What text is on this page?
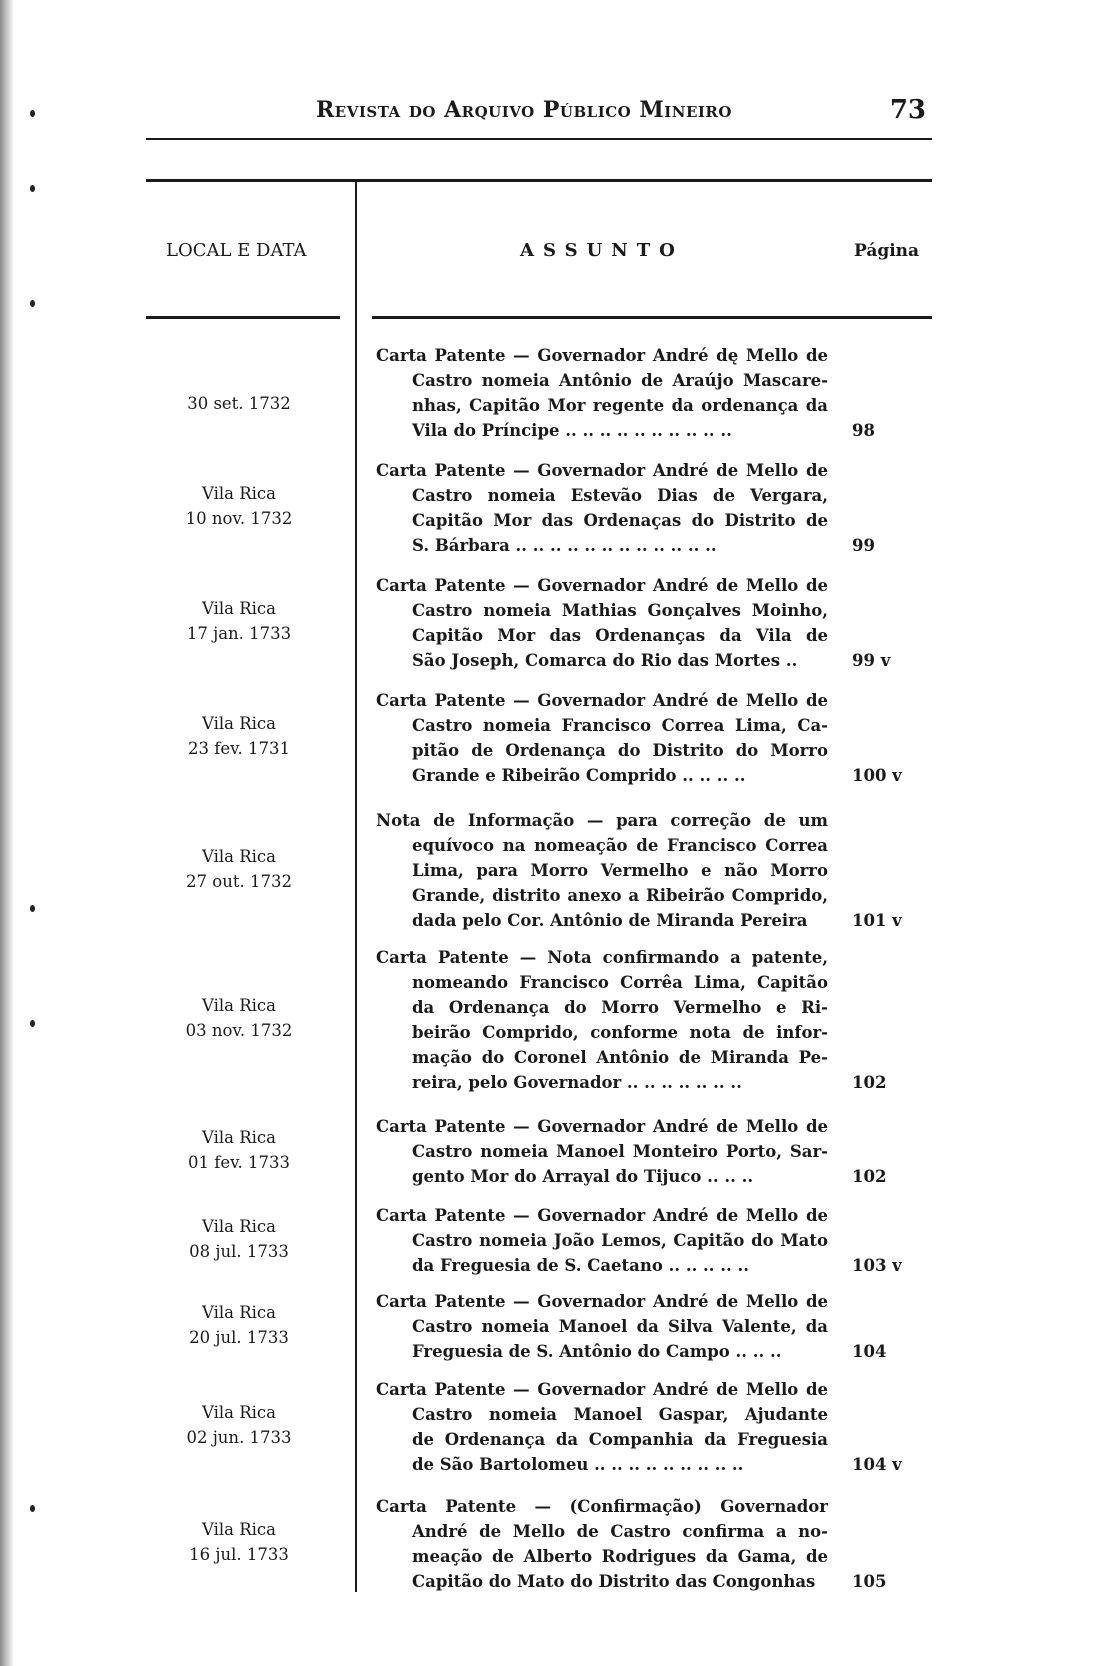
Revista do Arquivo Público Mineiro	73
LOCAL E DATA	ASSUNTO	Página

30 set. 1732
Carta Patente — Governador André dę Mello de
Castro nomeia Antônio de Araújo Mascare-
nhas, Capitão Mor regente da ordenança da
Vila do Príncipe .. .. .. .. .. .. .. .. .. ..	98
Vila Rica
10 nov. 1732
Carta Patente — Governador André de Mello de
Castro nomeia Estevão Dias de Vergara,
Capitão Mor das Ordenaças do Distrito de
S. Bárbara .. .. .. .. .. .. .. .. .. .. .. ..	99
Vila Rica
17 jan. 1733
Carta Patente — Governador André de Mello de
Castro nomeia Mathias Gonçalves Moinho,
Capitão Mor das Ordenanças da Vila de
São Joseph, Comarca do Rio das Mortes ..	99 v
Vila Rica
23 fev. 1731
Carta Patente — Governador André de Mello de
Castro nomeia Francisco Correa Lima, Ca-
pitão de Ordenança do Distrito do Morro
Grande e Ribeirão Comprido .. .. .. ..	100 v
Vila Rica
27 out. 1732
Nota de Informação — para correção de um
equívoco na nomeação de Francisco Correa
Lima, para Morro Vermelho e não Morro
Grande, distrito anexo a Ribeirão Comprido,
dada pelo Cor. Antônio de Miranda Pereira	101 v
Vila Rica
03 nov. 1732
Carta Patente — Nota confirmando a patente,
nomeando Francisco Corrêa Lima, Capitão
da Ordenança do Morro Vermelho e Ri-
beirão Comprido, conforme nota de infor-
mação do Coronel Antônio de Miranda Pe-
reira, pelo Governador .. .. .. .. .. .. ..	102
Vila Rica
01 fev. 1733
Carta Patente — Governador André de Mello de
Castro nomeia Manoel Monteiro Porto, Sar-
gento Mor do Arrayal do Tijuco .. .. ..	102
Vila Rica
08 jul. 1733
Carta Patente — Governador André de Mello de
Castro nomeia João Lemos, Capitão do Mato
da Freguesia de S. Caetano .. .. .. .. ..	103 v
Vila Rica
20 jul. 1733
Carta Patente — Governador André de Mello de
Castro nomeia Manoel da Silva Valente, da
Freguesia de S. Antônio do Campo .. .. ..	104
Vila Rica
02 jun. 1733
Carta Patente — Governador André de Mello de
Castro nomeia Manoel Gaspar, Ajudante
de Ordenança da Companhia da Freguesia
de São Bartolomeu .. .. .. .. .. .. .. .. ..	104 v
Vila Rica
16 jul. 1733
Carta Patente — (Confirmação) Governador
André de Mello de Castro confirma a no-
meação de Alberto Rodrigues da Gama, de
Capitão do Mato do Distrito das Congonhas	105
